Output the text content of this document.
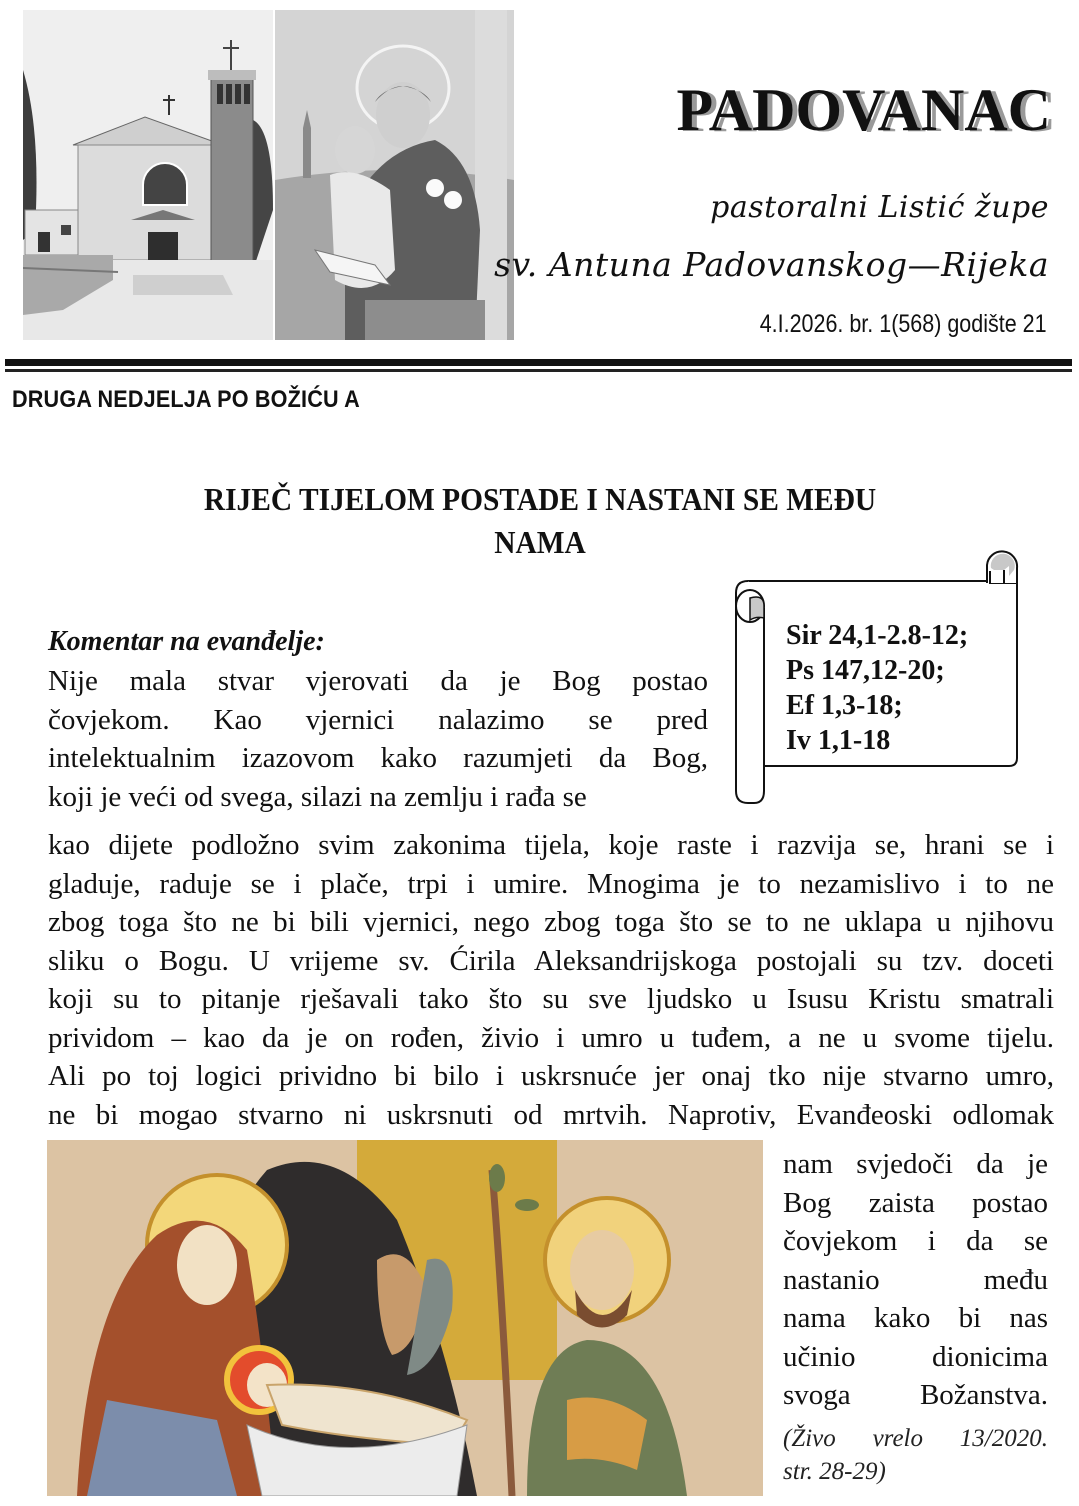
PADOVANAC
pastoralni Listić župe
sv. Antuna Padovanskog—Rijeka
4.I.2026. br. 1(568) godište 21
DRUGA NEDJELJA PO BOŽIĆU A
RIJEČ TIJELOM POSTADE I NASTANI SE MEĐU
NAMA
Sir 24,1-2.8-12;
Ps 147,12-20;
Ef 1,3-18;
Iv 1,1-18
Komentar na evanđelje:

Nije mala stvar vjerovati da je Bog postao

čovjekom. Kao vjernici nalazimo se pred

intelektualnim izazovom kako razumjeti da Bog,

koji je veći od svega, silazi na zemlju i rađa se

kao dijete podložno svim zakonima tijela, koje raste i razvija se, hrani se i

gladuje, raduje se i plače, trpi i umire. Mnogima je to nezamislivo i to ne

zbog toga što ne bi bili vjernici, nego zbog toga što se to ne uklapa u njihovu

sliku o Bogu. U vrijeme sv. Ćirila Aleksandrijskoga postojali su tzv. doceti

koji su to pitanje rješavali tako što su sve ljudsko u Isusu Kristu smatrali

prividom – kao da je on rođen, živio i umro u tuđem, a ne u svome tijelu.

Ali po toj logici prividno bi bilo i uskrsnuće jer onaj tko nije stvarno umro,

ne bi mogao stvarno ni uskrsnuti od mrtvih. Naprotiv, Evanđeoski odlomak

nam svjedoči da je

Bog zaista postao

čovjekom i da se

nastanio među

nama kako bi nas

učinio dionicima

svoga Božanstva.

(Živo vrelo 13/2020.

str. 28-29)
